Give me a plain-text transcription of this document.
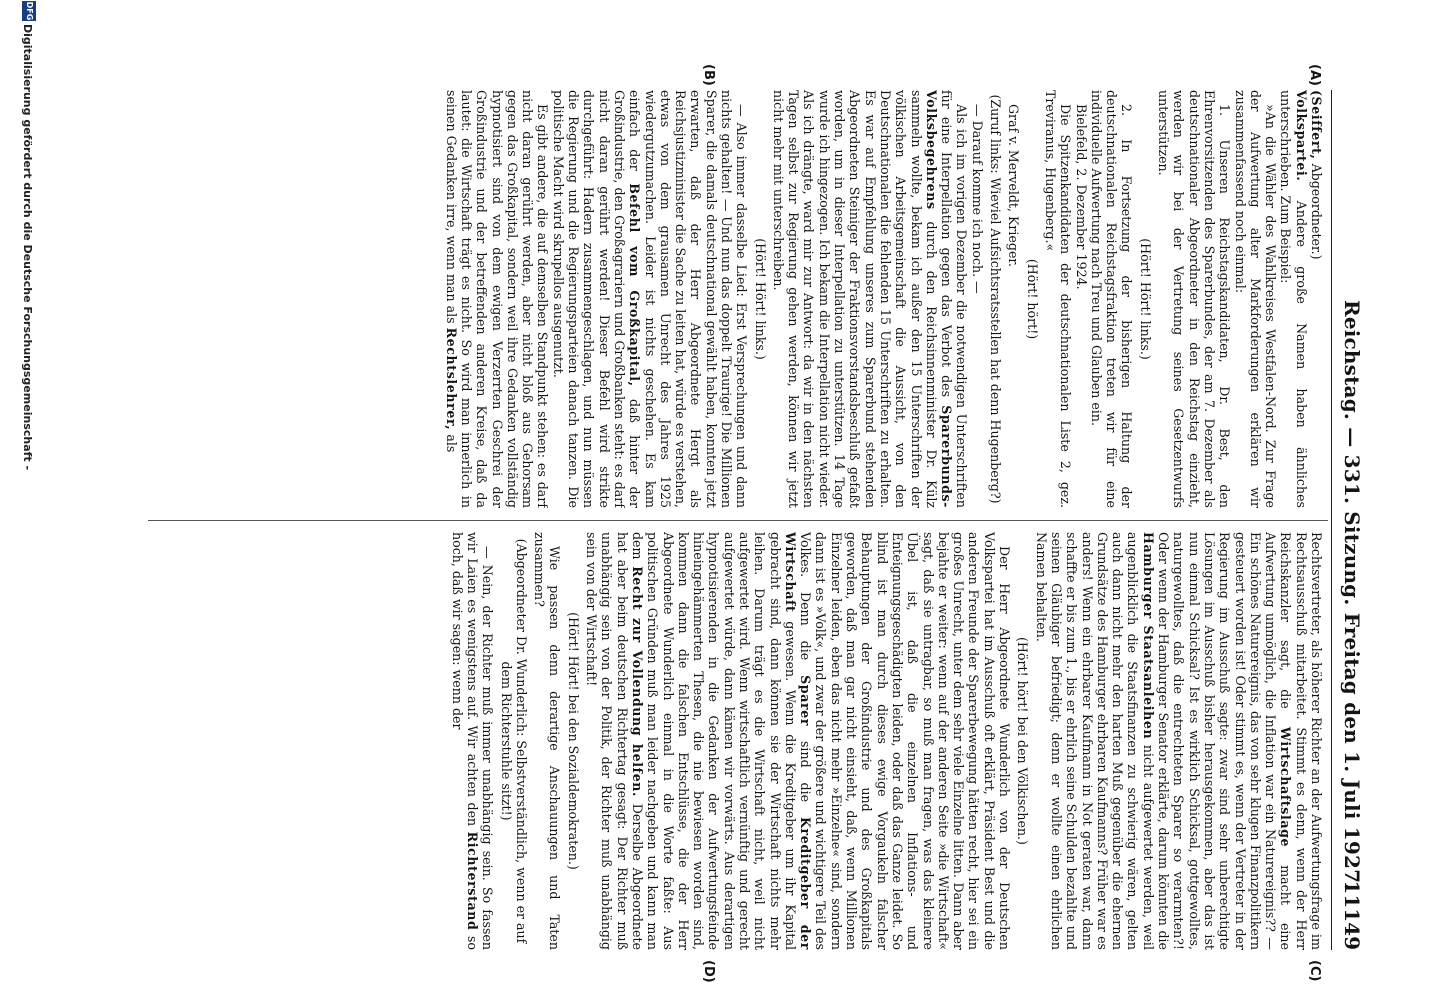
Reichstag. — 331. Sitzung. Freitag den 1. Juli 1927.
11149
(A)
(B)
(C)
(D)

(Seiffert, Abgeordneter.)
Volkspartei. Andere große Namen haben ähnliches unterschrieben. Zum Beispiel:

»An die Wähler des Wahlkreises Westfalen-Nord. Zur Frage der Aufwertung alter Markforderungen erklären wir zusammenfassend noch einmal:

1. Unseren Reichstagskandidaten, Dr. Best, den Ehrenvorsitzenden des Sparerbundes, der am 7. Dezember als deutschnationaler Abgeordneter in den Reichstag einzieht, werden wir bei der Vertretung seines Gesetzentwurfs unterstützen.

(Hört! Hört! links.)

2. In Fortsetzung der bisherigen Haltung der deutschnationalen Reichstagsfraktion treten wir für eine individuelle Aufwertung nach Treu und Glauben ein.

Bielefeld, 2. Dezember 1924.

Die Spitzenkandidaten der deutschnationalen Liste 2, gez. Treviranus, Hugenberg.«

(Hört! hört!)

Graf v. Merveldt, Krieger.

(Zuruf links: Wieviel Aufsichtsratsstellen hat denn Hugenberg?)

— Darauf komme ich noch. —

Als ich im vorigen Dezember die notwendigen Unterschriften für eine Interpellation gegen das Verbot des Sparerbunds-Volksbegehrens durch den Reichsinnenminister Dr. Külz sammeln wollte, bekam ich außer den 15 Unterschriften der völkischen Arbeitsgemeinschaft die Aussicht, von den Deutschnationalen die fehlenden 15 Unterschriften zu erhalten. Es war auf Empfehlung unseres zum Sparerbund stehenden Abgeordneten Steiniger der Fraktionsvorstandsbeschluß gefaßt worden, um in dieser Interpellation zu unterstützen. 14 Tage wurde ich hingezogen. Ich bekam die Interpellation nicht wieder. Als ich drängte, ward mir zur Antwort: da wir in den nächsten Tagen selbst zur Regierung gehen werden, können wir jetzt nicht mehr mit unterschreiben.

(Hört! Hört! links.)

— Also immer dasselbe Lied: Erst Versprechungen und dann nichts gehalten! — Und nun das doppelt Traurige! Die Millionen Sparer, die damals deutschnational gewählt haben, konnten jetzt erwarten, daß der Herr Abgeordnete Hergt als Reichsjustizminister die Sache zu leiten hat, würde es verstehen, etwas von dem grausamen Unrecht des Jahres 1925 wiedergutzumachen. Leider ist nichts geschehen. Es kam einfach der Befehl vom Großkapital, daß hinter der Großindustrie, den Großagrariern und Großbanken steht: es darf nicht daran gerührt werden! Dieser Befehl wird strikte durchgeführt: Hadern zusammengeschlagen, und nun müssen die Regierung und die Regierungsparteien danach tanzen. Die politische Macht wird skrupellos ausgenutzt.

Es gibt andere, die auf demselben Standpunkt stehen: es darf nicht daran gerührt werden, aber nicht bloß aus Gehorsam gegen das Großkapital, sondern weil ihre Gedanken vollständig hypnotisiert sind von dem ewigen Verzerrten Geschrei der Großindustrie und der betreffenden anderen Kreise, daß da lautet: die Wirtschaft trägt es nicht. So wird man innerlich in seinen Gedanken irre, wenn man als Rechtslehrer, als

Rechtsvertreter, als höherer Richter an der Aufwertungsfrage im Rechtsausschuß mitarbeitet. Stimmt es denn, wenn der Herr Reichskanzler sagt, die Wirtschaftslage macht eine Aufwertung unmöglich, die Inflation war ein Naturereignis?? — Ein schönes Naturereignis, das von sehr klugen Finanzpolitikern gesteuert worden ist! Oder stimmt es, wenn der Vertreter in der Regierung im Ausschuß sagte: zwar sind sehr unberechtigte Lösungen im Ausschuß bisher herausgekommen, aber das ist nun einmal Schicksal? Ist es wirklich Schicksal, gottgewolltes, naturgewolltes, daß die entrechteten Sparer so verarmten?! Oder wenn der Hamburger Senator erklärte, darum könnten die Hamburger Staatsanleihen nicht aufgewertet werden, weil augenblicklich die Staatsfinanzen zu schwierig wären, gelten auch dann nicht mehr den harten Muß gegenüber die ehernen Grundsätze des Hamburger ehrbaren Kaufmanns? Früher war es anders! Wenn ein ehrbarer Kaufmann in Not geraten war, dann schaffte er bis zum 1., bis er ehrlich seine Schulden bezahlte und seinen Gläubiger befriedigt; denn er wollte einen ehrlichen Namen behalten.

(Hört! hört! bei den Völkischen.)

Der Herr Abgeordnete Wunderlich von der Deutschen Volkspartei hat im Ausschuß oft erklärt, Präsident Best und die anderen Freunde der Sparerbewegung hätten recht, hier sei ein großes Unrecht, unter dem sehr viele Einzelne litten. Dann aber bejahte er weiter: wenn auf der anderen Seite »die Wirtschaft« sagt, daß sie untragbar, so muß man fragen, was das kleinere Übel ist, daß die einzelnen Inflations- und Enteignungsgeschädigten leiden, oder daß das Ganze leidet. So blind ist man durch dieses ewige Vorgaukeln falscher Behauptungen der Großindustrie und des Großkapitals geworden, daß man gar nicht einsieht, daß, wenn Millionen Einzelner leiden, eben das nicht mehr »Einzelne« sind, sondern dann ist es »Volk«, und zwar der größere und wichtigere Teil des Volkes. Denn die Sparer sind die Kreditgeber der Wirtschaft gewesen. Wenn die Kreditgeber um ihr Kapital gebracht sind, dann können sie der Wirtschaft nichts mehr leihen. Darum trägt es die Wirtschaft nicht, weil nicht aufgewertet wird. Wenn wirtschaftlich vernünftig und gerecht aufgewertet würde, dann kämen wir vorwärts. Aus derartigen hypnotisierenden in die Gedanken der Aufwertungsfeinde hineingehämmerten Thesen, die nie bewiesen worden sind, kommen dann die falschen Entschlüsse, die der Herr Abgeordnete Wunderlich einmal in die Worte faßte: Aus politischen Gründen muß man leider nachgeben und kann man dem Recht zur Vollendung helfen. Derselbe Abgeordnete hat aber beim deutschen Richtertag gesagt: Der Richter muß unabhängig sein von der Politik, der Richter muß unabhängig sein von der Wirtschaft!

(Hört! Hört! bei den Sozialdemokraten.)

Wie passen denn derartige Anschauungen und Taten zusammen?

(Abgeordneter Dr. Wunderlich: Selbstverständlich, wenn er auf dem Richterstuhle sitzt!)

— Nein, der Richter muß immer unabhängig sein. So fassen wir Laien es wenigstens auf. Wir achten den Richterstand so hoch, daß wir sagen: wenn der

DFG
Digitalisierung gefördert durch die Deutsche Forschungsgemeinschaft -
